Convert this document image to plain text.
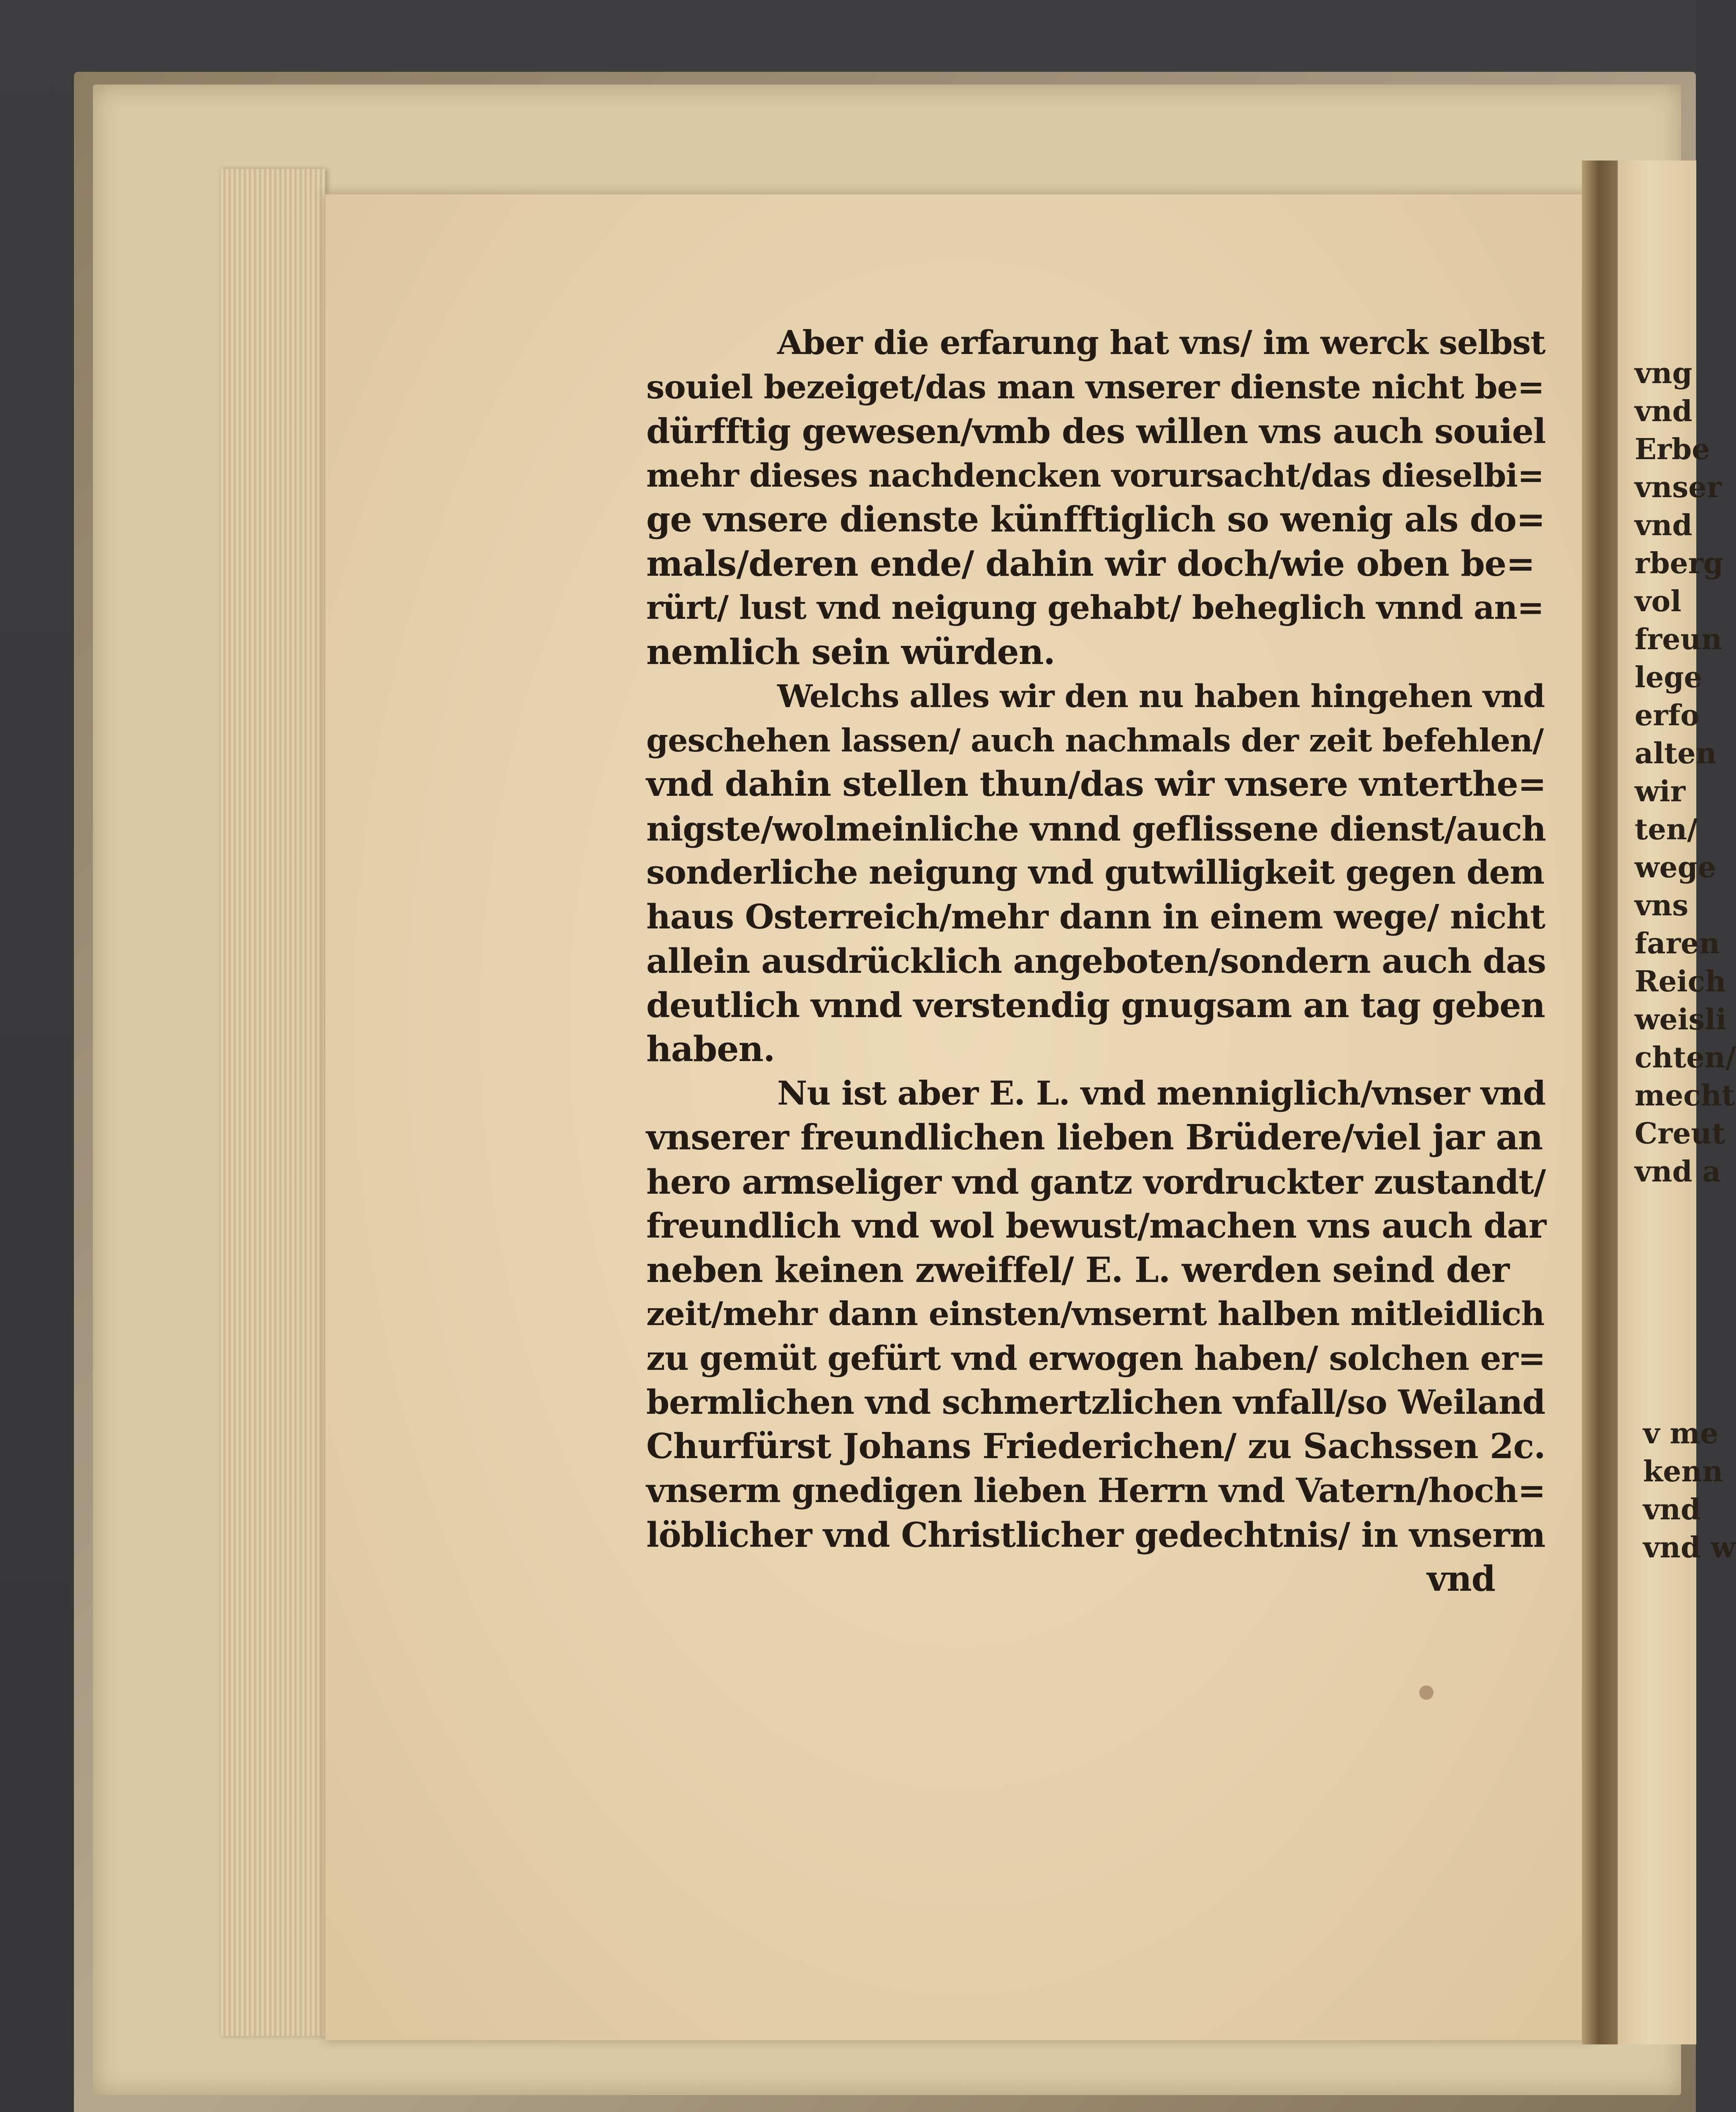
vng
vnd
Erbe
vnser
vnd
rberg
vol
freun
lege
erfo
alten
wir
ten/
wege
vns
faren
Reich
weisli
chten/
mecht
Creut
vnd a
v me
kenn
vnd
vnd w
Aber die erfarung hat vns/ im werck selbst
souiel bezeiget/das man vnserer dienste nicht be=
dürfftig gewesen/vmb des willen vns auch souiel
mehr dieses nachdencken vorursacht/das dieselbi=
ge vnsere dienste künfftiglich so wenig als do=
mals/deren ende/ dahin wir doch/wie oben be=
rürt/ lust vnd neigung gehabt/ beheglich vnnd an=
nemlich sein würden.
Welchs alles wir den nu haben hingehen vnd
geschehen lassen/ auch nachmals der zeit befehlen/
vnd dahin stellen thun/das wir vnsere vnterthe=
nigste/wolmeinliche vnnd geflissene dienst/auch
sonderliche neigung vnd gutwilligkeit gegen dem
haus Osterreich/mehr dann in einem wege/ nicht
allein ausdrücklich angeboten/sondern auch das
deutlich vnnd verstendig gnugsam an tag geben
haben.
Nu ist aber E. L. vnd menniglich/vnser vnd
vnserer freundlichen lieben Brüdere/viel jar an
hero armseliger vnd gantz vordruckter zustandt/
freundlich vnd wol bewust/machen vns auch dar
neben keinen zweiffel/ E. L. werden seind der
zeit/mehr dann einsten/vnsernt halben mitleidlich
zu gemüt gefürt vnd erwogen haben/ solchen er=
bermlichen vnd schmertzlichen vnfall/so Weiland
Churfürst Johans Friederichen/ zu Sachssen 2c.
vnserm gnedigen lieben Herrn vnd Vatern/hoch=
löblicher vnd Christlicher gedechtnis/ in vnserm
vnd
